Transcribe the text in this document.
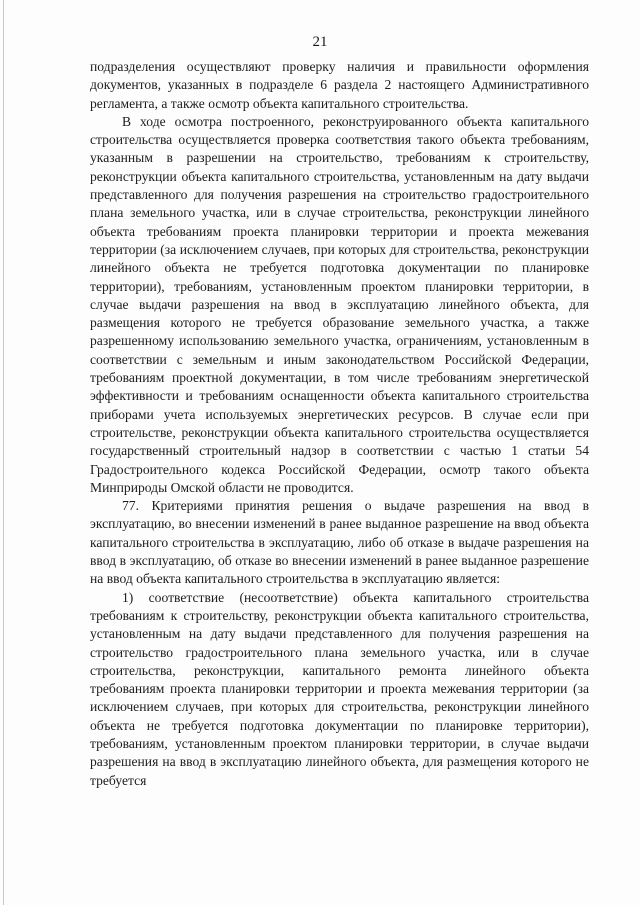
21

подразделения осуществляют проверку наличия и правильности оформления документов, указанных в подразделе 6 раздела 2 настоящего Административного регламента, а также осмотр объекта капитального строительства.

В ходе осмотра построенного, реконструированного объекта капитального строительства осуществляется проверка соответствия такого объекта требованиям, указанным в разрешении на строительство, требованиям к строительству, реконструкции объекта капитального строительства, установленным на дату выдачи представленного для получения разрешения на строительство градостроительного плана земельного участка, или в случае строительства, реконструкции линейного объекта требованиям проекта планировки территории и проекта межевания территории (за исключением случаев, при которых для строительства, реконструкции линейного объекта не требуется подготовка документации по планировке территории), требованиям, установленным проектом планировки территории, в случае выдачи разрешения на ввод в эксплуатацию линейного объекта, для размещения которого не требуется образование земельного участка, а также разрешенному использованию земельного участка, ограничениям, установленным в соответствии с земельным и иным законодательством Российской Федерации, требованиям проектной документации, в том числе требованиям энергетической эффективности и требованиям оснащенности объекта капитального строительства приборами учета используемых энергетических ресурсов. В случае если при строительстве, реконструкции объекта капитального строительства осуществляется государственный строительный надзор в соответствии с частью 1 статьи 54 Градостроительного кодекса Российской Федерации, осмотр такого объекта Минприроды Омской области не проводится.

77. Критериями принятия решения о выдаче разрешения на ввод в эксплуатацию, во внесении изменений в ранее выданное разрешение на ввод объекта капитального строительства в эксплуатацию, либо об отказе в выдаче разрешения на ввод в эксплуатацию, об отказе во внесении изменений в ранее выданное разрешение на ввод объекта капитального строительства в эксплуатацию является:

1) соответствие (несоответствие) объекта капитального строительства требованиям к строительству, реконструкции объекта капитального строительства, установленным на дату выдачи представленного для получения разрешения на строительство градостроительного плана земельного участка, или в случае строительства, реконструкции, капитального ремонта линейного объекта требованиям проекта планировки территории и проекта межевания территории (за исключением случаев, при которых для строительства, реконструкции линейного объекта не требуется подготовка документации по планировке территории), требованиям, установленным проектом планировки территории, в случае выдачи разрешения на ввод в эксплуатацию линейного объекта, для размещения которого не требуется
